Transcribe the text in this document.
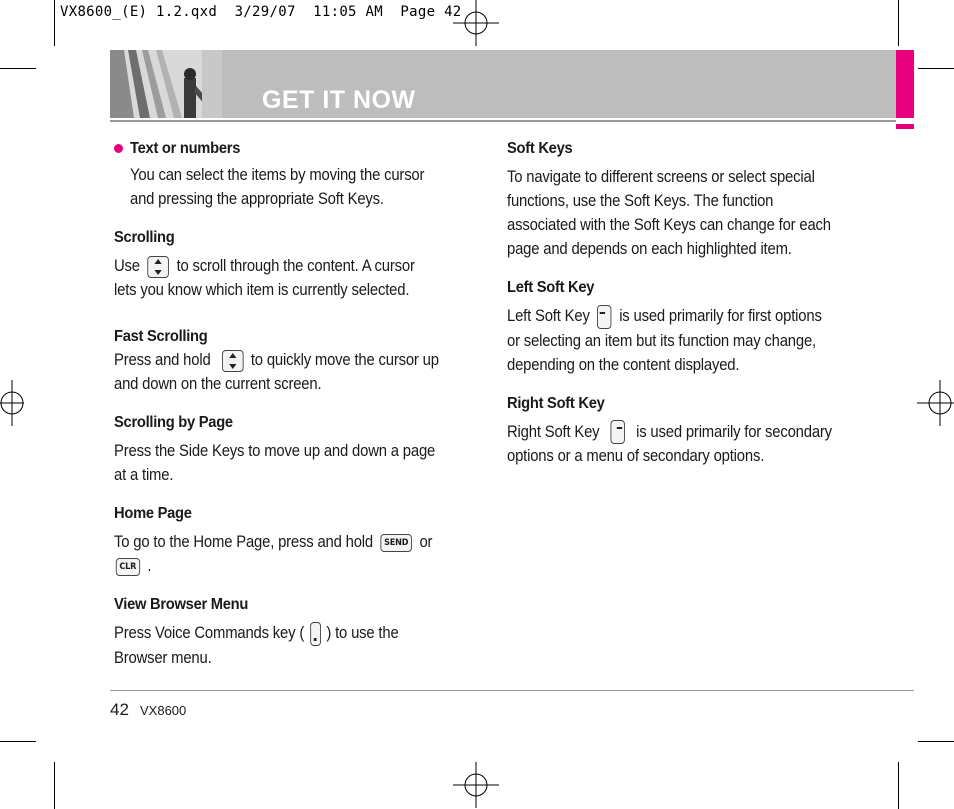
VX8600_(E) 1.2.qxd  3/29/07  11:05 AM  Page 42
GET IT NOW

Text or numbers

You can select the items by moving the cursor

and pressing the appropriate Soft Keys.

Scrolling

Use to scroll through the content. A cursor

lets you know which item is currently selected.

Fast Scrolling

Press and hold to quickly move the cursor up

and down on the current screen.

Scrolling by Page

Press the Side Keys to move up and down a page

at a time.

Home Page

To go to the Home Page, press and hold SEND or

CLR .

View Browser Menu

Press Voice Commands key ( ) to use the

Browser menu.

Soft Keys

To navigate to different screens or select special

functions, use the Soft Keys. The function

associated with the Soft Keys can change for each

page and depends on each highlighted item.

Left Soft Key

Left Soft Key is used primarily for first options

or selecting an item but its function may change,

depending on the content displayed.

Right Soft Key

Right Soft Key is used primarily for secondary

options or a menu of secondary options.

42 VX8600
